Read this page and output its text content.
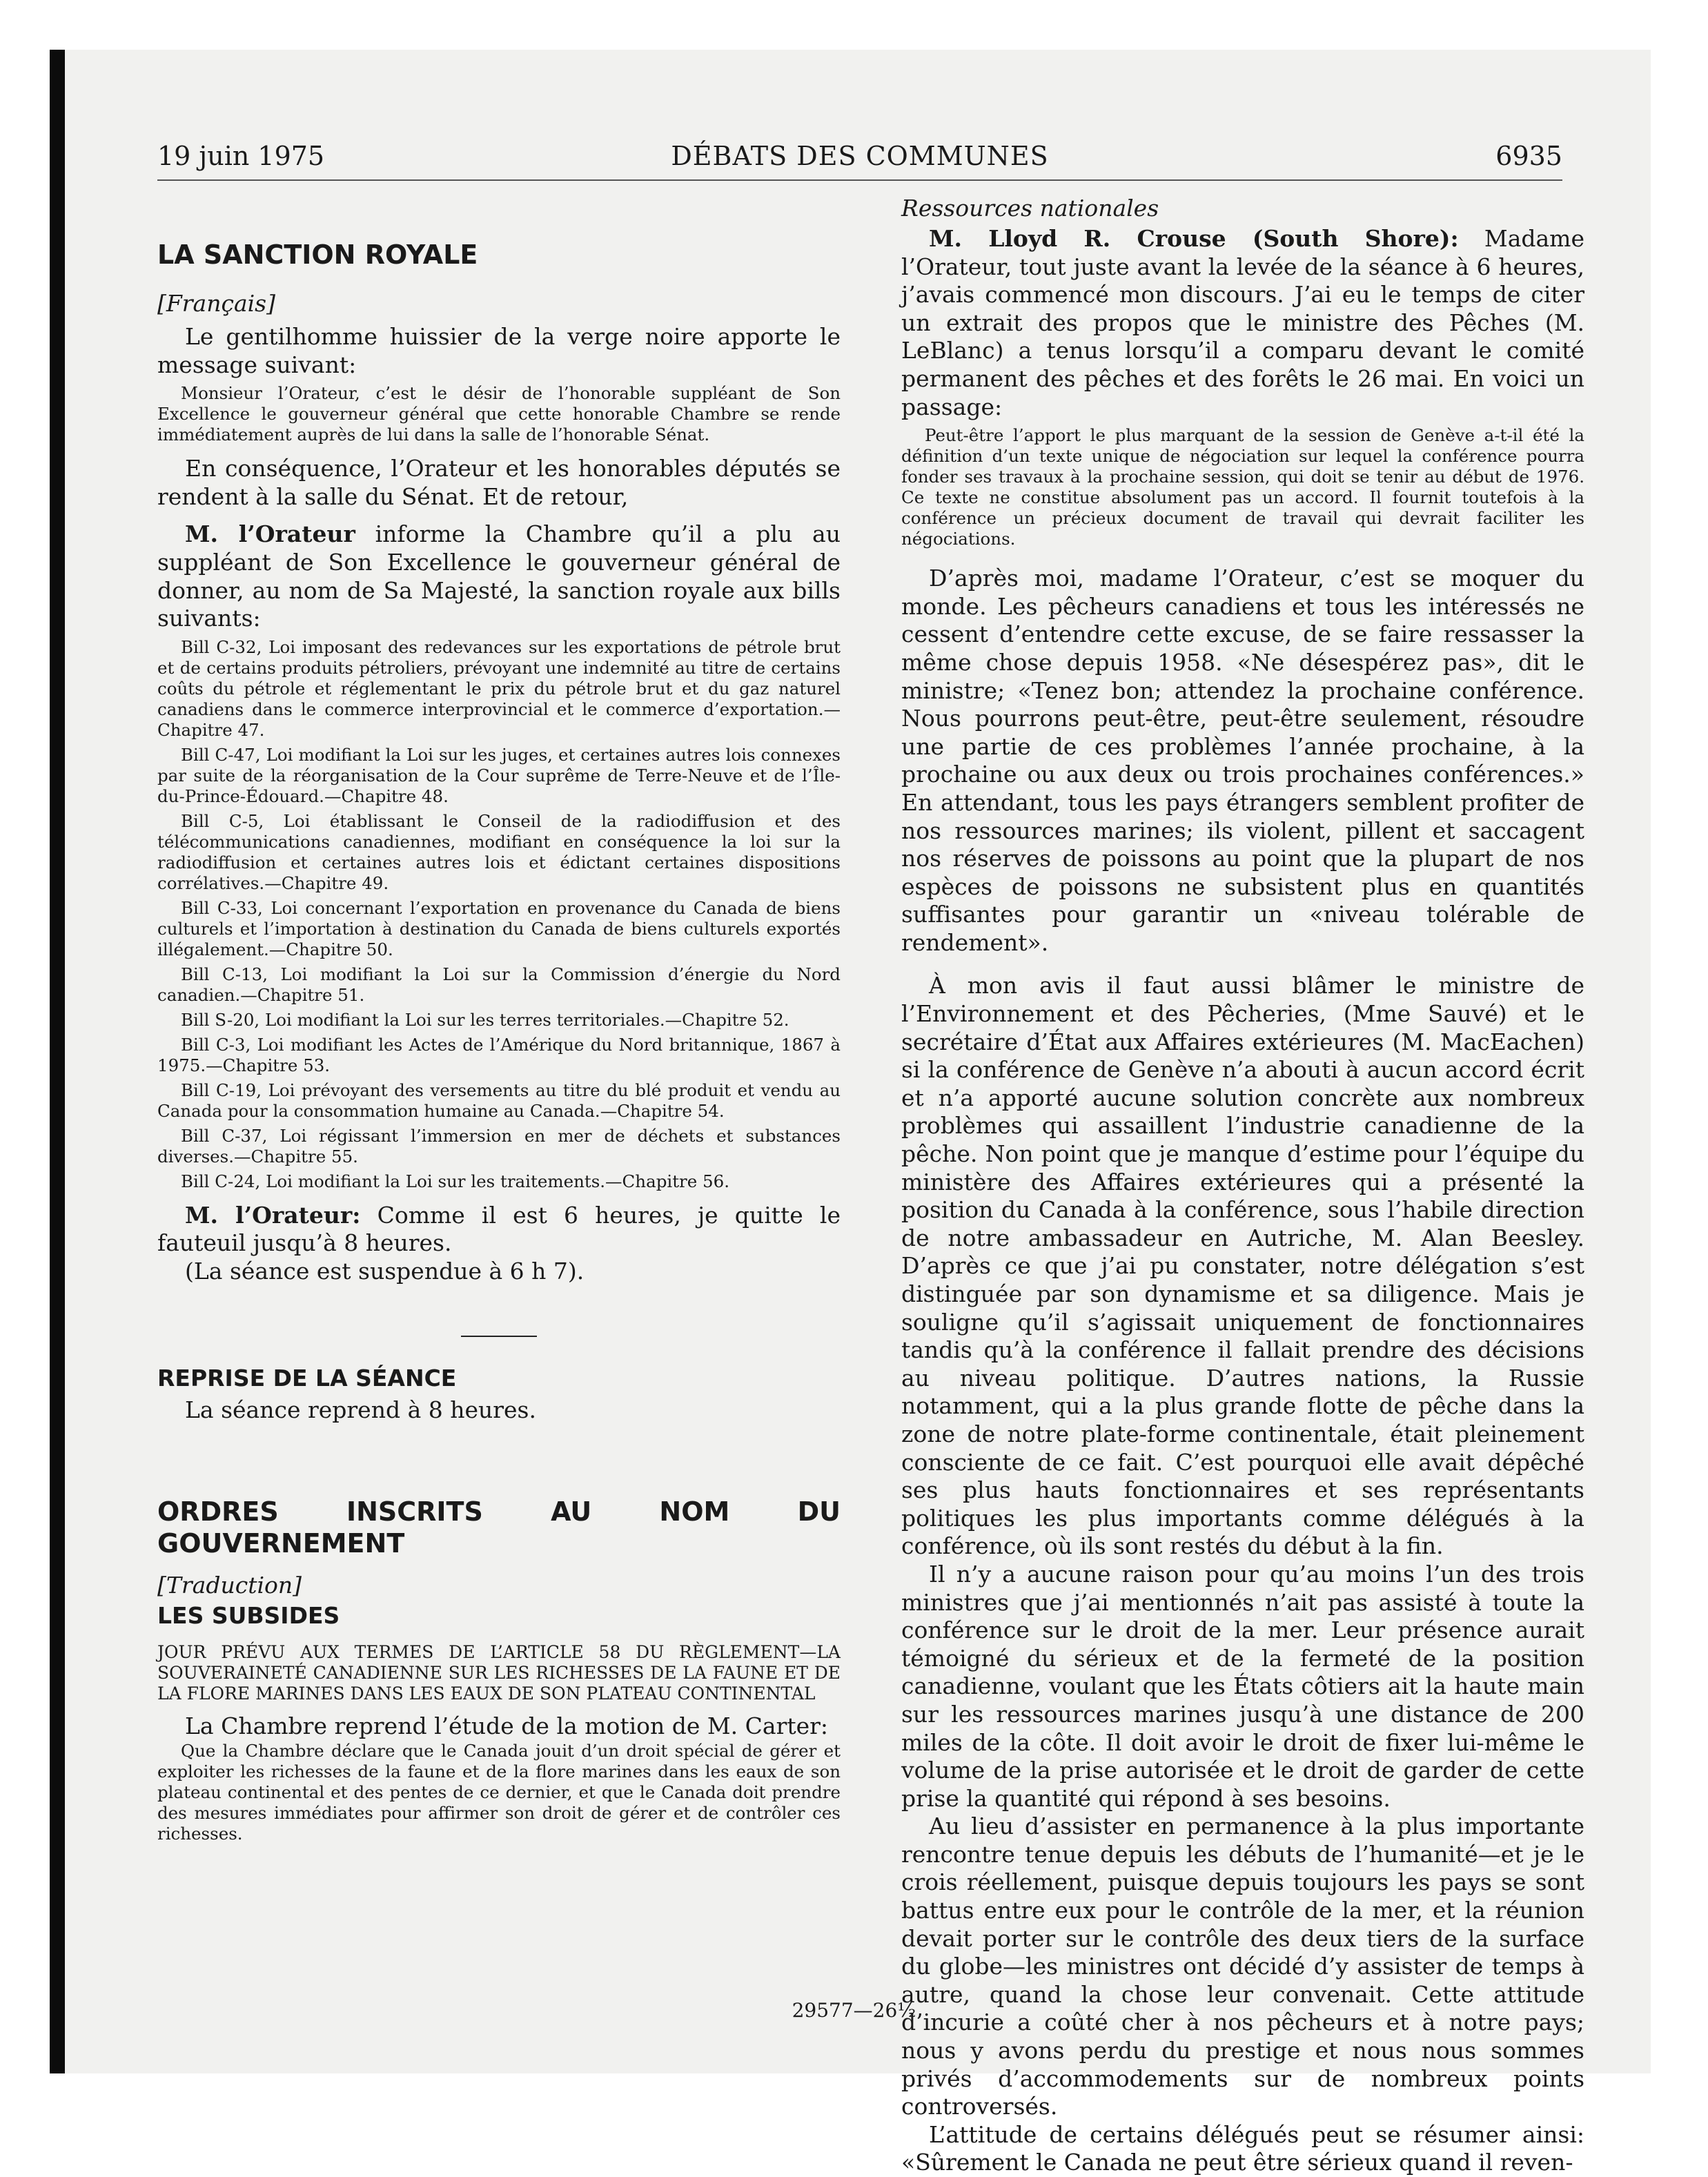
19 juin 1975	DÉBATS DES COMMUNES	6935

LA SANCTION ROYALE

[Français]

Le gentilhomme huissier de la verge noire apporte le message suivant:

Monsieur l’Orateur, c’est le désir de l’honorable suppléant de Son Excellence le gouverneur général que cette honorable Chambre se rende immédiatement auprès de lui dans la salle de l’honorable Sénat.

En conséquence, l’Orateur et les honorables députés se rendent à la salle du Sénat. Et de retour,

M. l’Orateur informe la Chambre qu’il a plu au suppléant de Son Excellence le gouverneur général de donner, au nom de Sa Majesté, la sanction royale aux bills suivants:

Bill C-32, Loi imposant des redevances sur les exportations de pétrole brut et de certains produits pétroliers, prévoyant une indemnité au titre de certains coûts du pétrole et réglementant le prix du pétrole brut et du gaz naturel canadiens dans le commerce interprovincial et le commerce d’exportation.—Chapitre 47.

Bill C-47, Loi modifiant la Loi sur les juges, et certaines autres lois connexes par suite de la réorganisation de la Cour suprême de Terre-Neuve et de l’Île-du-Prince-Édouard.—Chapitre 48.

Bill C-5, Loi établissant le Conseil de la radiodiffusion et des télécommunications canadiennes, modifiant en conséquence la loi sur la radiodiffusion et certaines autres lois et édictant certaines dispositions corrélatives.—Chapitre 49.

Bill C-33, Loi concernant l’exportation en provenance du Canada de biens culturels et l’importation à destination du Canada de biens culturels exportés illégalement.—Chapitre 50.

Bill C-13, Loi modifiant la Loi sur la Commission d’énergie du Nord canadien.—Chapitre 51.

Bill S-20, Loi modifiant la Loi sur les terres territoriales.—Chapitre 52.

Bill C-3, Loi modifiant les Actes de l’Amérique du Nord britannique, 1867 à 1975.—Chapitre 53.

Bill C-19, Loi prévoyant des versements au titre du blé produit et vendu au Canada pour la consommation humaine au Canada.—Chapitre 54.

Bill C-37, Loi régissant l’immersion en mer de déchets et substances diverses.—Chapitre 55.

Bill C-24, Loi modifiant la Loi sur les traitements.—Chapitre 56.

M. l’Orateur: Comme il est 6 heures, je quitte le fauteuil jusqu’à 8 heures.

(La séance est suspendue à 6 h 7).

REPRISE DE LA SÉANCE

La séance reprend à 8 heures.

ORDRES INSCRITS AU NOM DU GOUVERNEMENT

[Traduction]

LES SUBSIDES

JOUR PRÉVU AUX TERMES DE L’ARTICLE 58 DU RÈGLEMENT—LA SOUVERAINETÉ CANADIENNE SUR LES RICHESSES DE LA FAUNE ET DE LA FLORE MARINES DANS LES EAUX DE SON PLATEAU CONTINENTAL

La Chambre reprend l’étude de la motion de M. Carter:

Que la Chambre déclare que le Canada jouit d’un droit spécial de gérer et exploiter les richesses de la faune et de la flore marines dans les eaux de son plateau continental et des pentes de ce dernier, et que le Canada doit prendre des mesures immédiates pour affirmer son droit de gérer et de contrôler ces richesses.

Ressources nationales

M. Lloyd R. Crouse (South Shore): Madame l’Orateur, tout juste avant la levée de la séance à 6 heures, j’avais commencé mon discours. J’ai eu le temps de citer un extrait des propos que le ministre des Pêches (M. LeBlanc) a tenus lorsqu’il a comparu devant le comité permanent des pêches et des forêts le 26 mai. En voici un passage:

Peut-être l’apport le plus marquant de la session de Genève a-t-il été la définition d’un texte unique de négociation sur lequel la conférence pourra fonder ses travaux à la prochaine session, qui doit se tenir au début de 1976. Ce texte ne constitue absolument pas un accord. Il fournit toutefois à la conférence un précieux document de travail qui devrait faciliter les négociations.

D’après moi, madame l’Orateur, c’est se moquer du monde. Les pêcheurs canadiens et tous les intéressés ne cessent d’entendre cette excuse, de se faire ressasser la même chose depuis 1958. «Ne désespérez pas», dit le ministre; «Tenez bon; attendez la prochaine conférence. Nous pourrons peut-être, peut-être seulement, résoudre une partie de ces problèmes l’année prochaine, à la prochaine ou aux deux ou trois prochaines conférences.» En attendant, tous les pays étrangers semblent profiter de nos ressources marines; ils violent, pillent et saccagent nos réserves de poissons au point que la plupart de nos espèces de poissons ne subsistent plus en quantités suffisantes pour garantir un «niveau tolérable de rendement».

À mon avis il faut aussi blâmer le ministre de l’Environnement et des Pêcheries, (Mme Sauvé) et le secrétaire d’État aux Affaires extérieures (M. MacEachen) si la conférence de Genève n’a abouti à aucun accord écrit et n’a apporté aucune solution concrète aux nombreux problèmes qui assaillent l’industrie canadienne de la pêche. Non point que je manque d’estime pour l’équipe du ministère des Affaires extérieures qui a présenté la position du Canada à la conférence, sous l’habile direction de notre ambassadeur en Autriche, M. Alan Beesley. D’après ce que j’ai pu constater, notre délégation s’est distinguée par son dynamisme et sa diligence. Mais je souligne qu’il s’agissait uniquement de fonctionnaires tandis qu’à la conférence il fallait prendre des décisions au niveau politique. D’autres nations, la Russie notamment, qui a la plus grande flotte de pêche dans la zone de notre plate-forme continentale, était pleinement consciente de ce fait. C’est pourquoi elle avait dépêché ses plus hauts fonctionnaires et ses représentants politiques les plus importants comme délégués à la conférence, où ils sont restés du début à la fin.

Il n’y a aucune raison pour qu’au moins l’un des trois ministres que j’ai mentionnés n’ait pas assisté à toute la conférence sur le droit de la mer. Leur présence aurait témoigné du sérieux et de la fermeté de la position canadienne, voulant que les États côtiers ait la haute main sur les ressources marines jusqu’à une distance de 200 miles de la côte. Il doit avoir le droit de fixer lui-même le volume de la prise autorisée et le droit de garder de cette prise la quantité qui répond à ses besoins.

Au lieu d’assister en permanence à la plus importante rencontre tenue depuis les débuts de l’humanité—et je le crois réellement, puisque depuis toujours les pays se sont battus entre eux pour le contrôle de la mer, et la réunion devait porter sur le contrôle des deux tiers de la surface du globe—les ministres ont décidé d’y assister de temps à autre, quand la chose leur convenait. Cette attitude d’incurie a coûté cher à nos pêcheurs et à notre pays; nous y avons perdu du prestige et nous nous sommes privés d’accommodements sur de nombreux points controversés.

L’attitude de certains délégués peut se résumer ainsi: «Sûrement le Canada ne peut être sérieux quand il reven-

29577—26½
